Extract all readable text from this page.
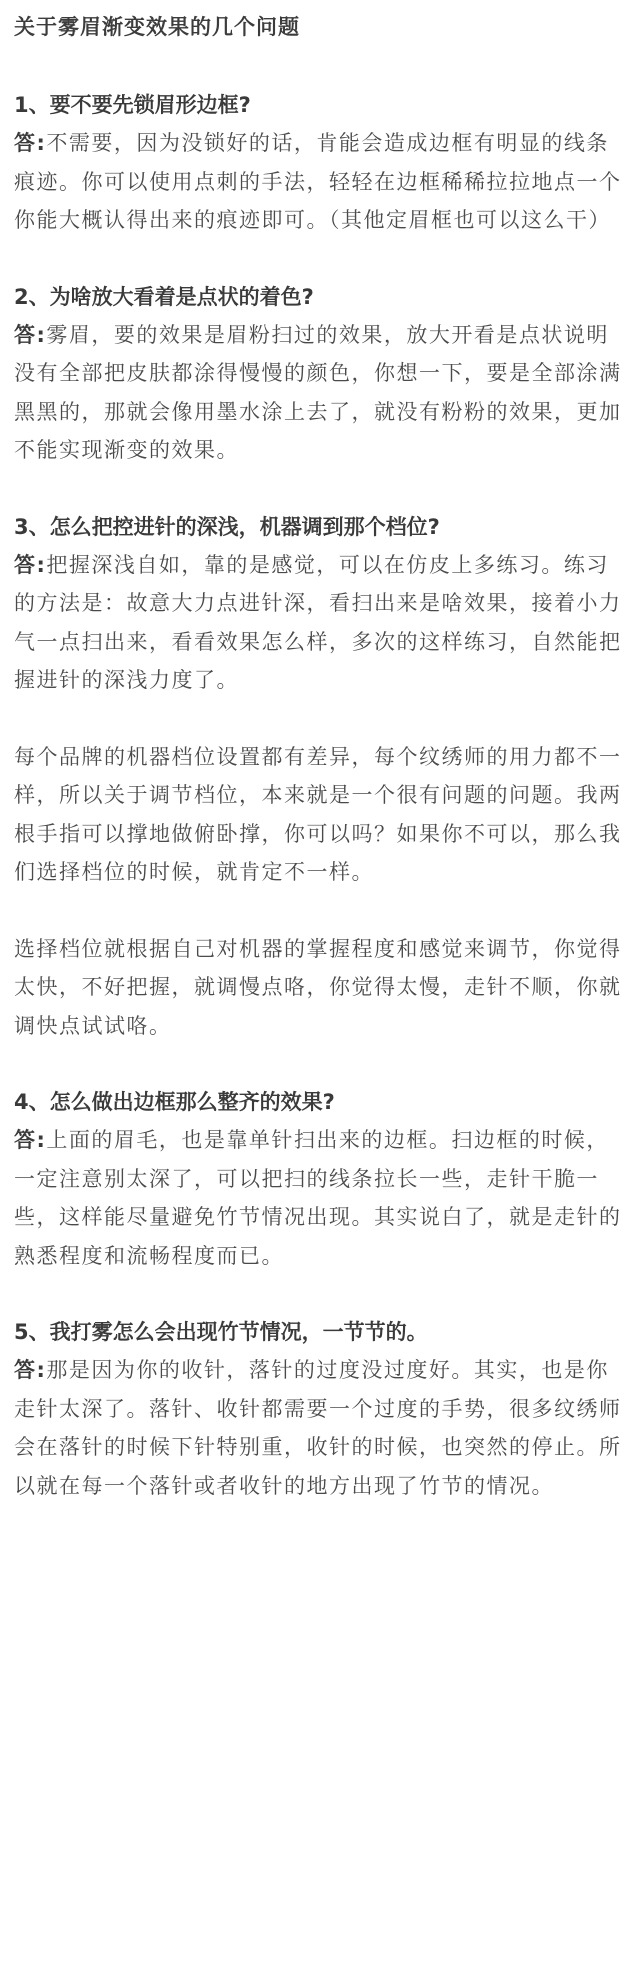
关于雾眉渐变效果的几个问题

1、要不要先锁眉形边框?

答:不需要，因为没锁好的话，肯能会造成边框有明显的线条痕迹。你可以使用点刺的手法，轻轻在边框稀稀拉拉地点一个你能大概认得出来的痕迹即可。（其他定眉框也可以这么干）

2、为啥放大看着是点状的着色?

答:雾眉，要的效果是眉粉扫过的效果，放大开看是点状说明没有全部把皮肤都涂得慢慢的颜色，你想一下，要是全部涂满黑黑的，那就会像用墨水涂上去了，就没有粉粉的效果，更加不能实现渐变的效果。

3、怎么把控进针的深浅，机器调到那个档位?

答:把握深浅自如，靠的是感觉，可以在仿皮上多练习。练习的方法是：故意大力点进针深，看扫出来是啥效果，接着小力气一点扫出来，看看效果怎么样，多次的这样练习，自然能把握进针的深浅力度了。

每个品牌的机器档位设置都有差异，每个纹绣师的用力都不一样，所以关于调节档位，本来就是一个很有问题的问题。我两根手指可以撑地做俯卧撑，你可以吗？如果你不可以，那么我们选择档位的时候，就肯定不一样。

选择档位就根据自己对机器的掌握程度和感觉来调节，你觉得太快，不好把握，就调慢点咯，你觉得太慢，走针不顺，你就调快点试试咯。

4、怎么做出边框那么整齐的效果?

答:上面的眉毛，也是靠单针扫出来的边框。扫边框的时候，一定注意别太深了，可以把扫的线条拉长一些，走针干脆一些，这样能尽量避免竹节情况出现。其实说白了，就是走针的熟悉程度和流畅程度而已。

5、我打雾怎么会出现竹节情况，一节节的。

答:那是因为你的收针，落针的过度没过度好。其实，也是你走针太深了。落针、收针都需要一个过度的手势，很多纹绣师会在落针的时候下针特别重，收针的时候，也突然的停止。所以就在每一个落针或者收针的地方出现了竹节的情况。
